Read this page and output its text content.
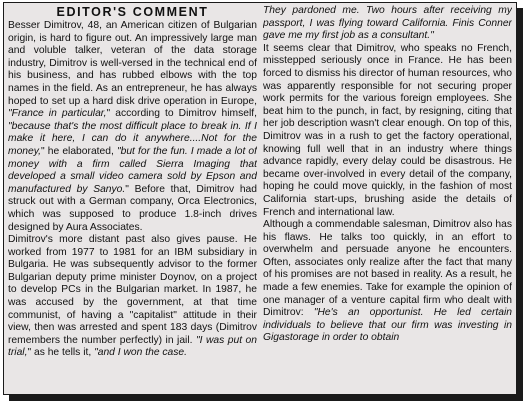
EDITOR'S COMMENT

Besser Dimitrov, 48, an American citizen of Bulgarian origin, is hard to figure out. An impressively large man and voluble talker, veteran of the data storage industry, Dimitrov is well-versed in the technical end of his business, and has rubbed elbows with the top names in the field. As an entrepreneur, he has always hoped to set up a hard disk drive operation in Europe, "France in particular," according to Dimitrov himself, "because that's the most difficult place to break in. If I make it here, I can do it anywhere....Not for the money," he elaborated, "but for the fun. I made a lot of money with a firm called Sierra Imaging that developed a small video camera sold by Epson and manufactured by Sanyo." Before that, Dimitrov had struck out with a German company, Orca Electronics, which was supposed to produce 1.8-inch drives designed by Aura Associates.

Dimitrov's more distant past also gives pause. He worked from 1977 to 1981 for an IBM subsidiary in Bulgaria. He was subsequently advisor to the former Bulgarian deputy prime minister Doynov, on a project to develop PCs in the Bulgarian market. In 1987, he was accused by the government, at that time communist, of having a "capitalist" attitude in their view, then was arrested and spent 183 days (Dimitrov remembers the number perfectly) in jail. "I was put on trial," as he tells it, "and I won the case.

They pardoned me. Two hours after receiving my passport, I was flying toward California. Finis Conner gave me my first job as a consultant."

It seems clear that Dimitrov, who speaks no French, misstepped seriously once in France. He has been forced to dismiss his director of human resources, who was apparently responsible for not securing proper work permits for the various foreign employees. She beat him to the punch, in fact, by resigning, citing that her job description wasn't clear enough. On top of this, Dimitrov was in a rush to get the factory operational, knowing full well that in an industry where things advance rapidly, every delay could be disastrous. He became over-involved in every detail of the company, hoping he could move quickly, in the fashion of most California start-ups, brushing aside the details of French and international law.

Although a commendable salesman, Dimitrov also has his flaws. He talks too quickly, in an effort to overwhelm and persuade anyone he encounters. Often, associates only realize after the fact that many of his promises are not based in reality. As a result, he made a few enemies. Take for example the opinion of one manager of a venture capital firm who dealt with Dimitrov: "He's an opportunist. He led certain individuals to believe that our firm was investing in Gigastorage in order to obtain
